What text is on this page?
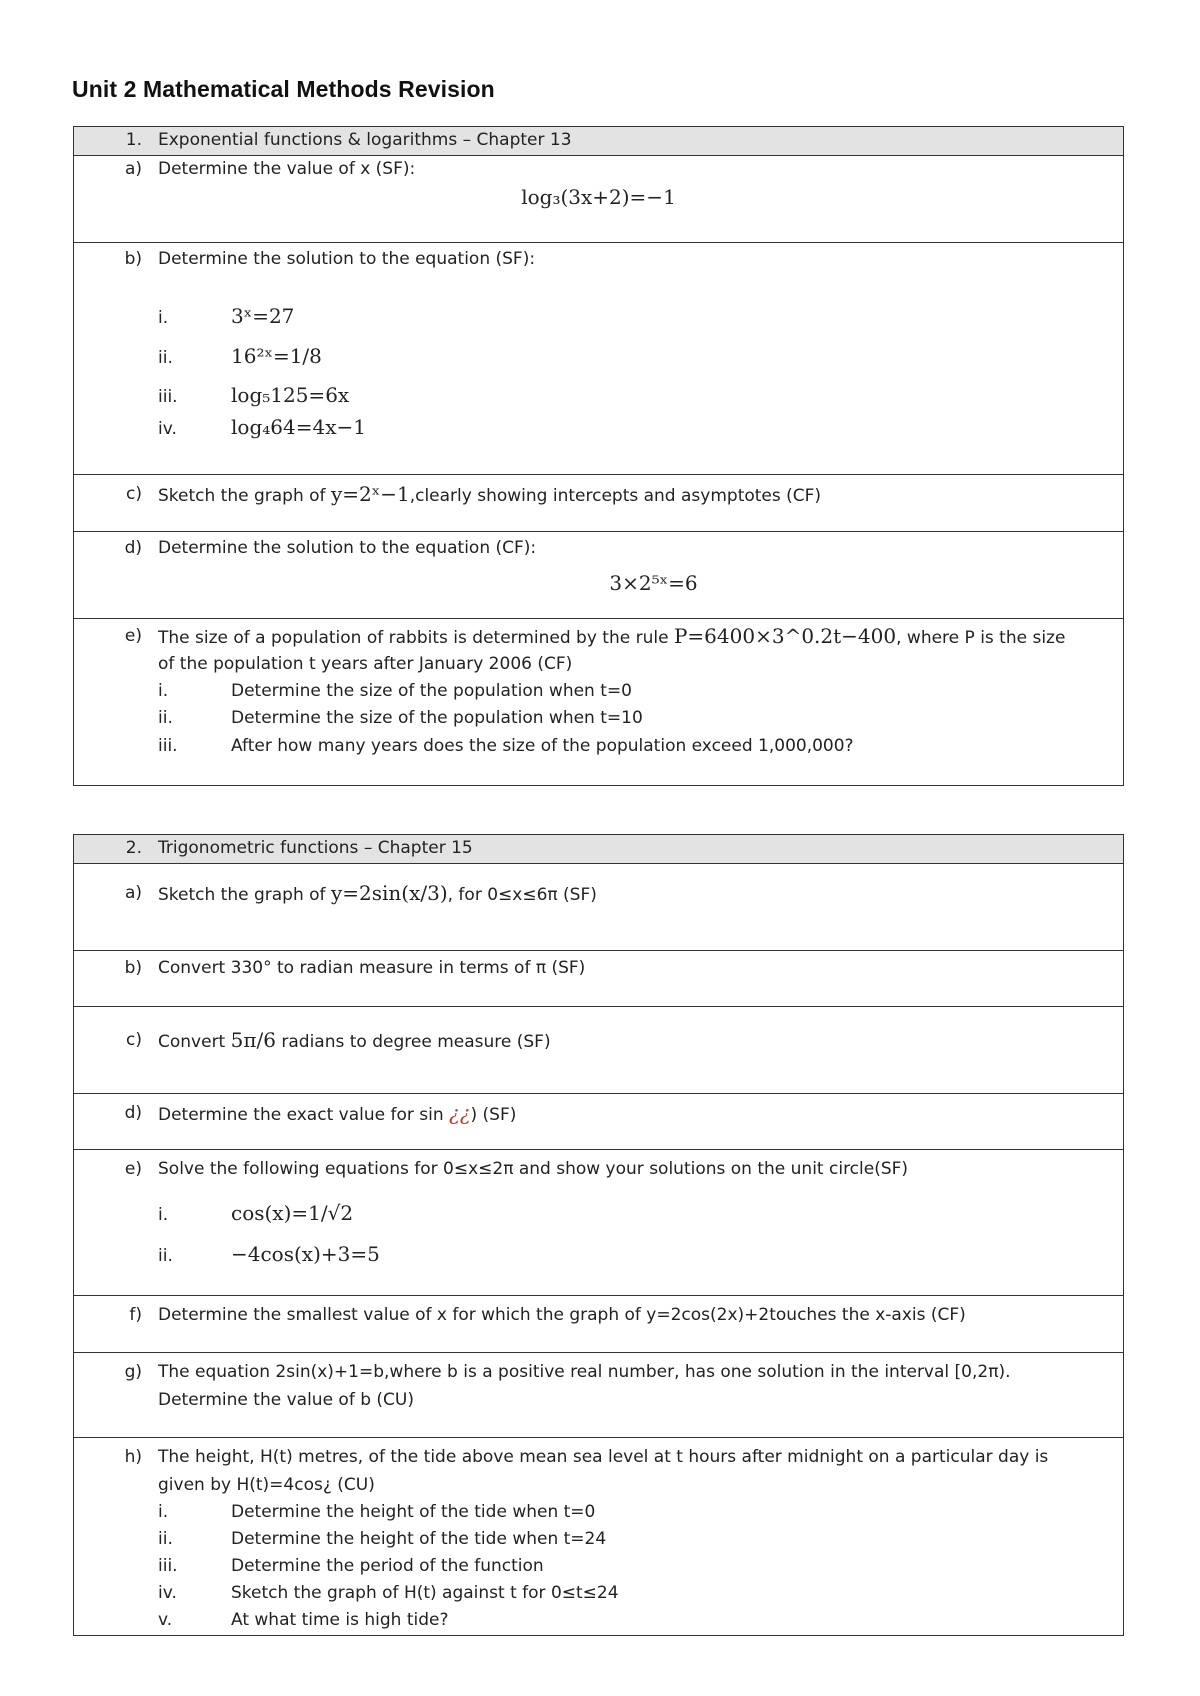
Unit 2 Mathematical Methods Revision
1. Exponential functions & logarithms – Chapter 13

a) Determine the value of x (SF):
log₃(3x+2)=−1

b) Determine the solution to the equation (SF):
i.	3ˣ=27
ii.	16²ˣ=1/8
iii.	log₅125=6x
iv.	log₄64=4x−1

c) Sketch the graph of y=2ˣ−1,clearly showing intercepts and asymptotes (CF)

d) Determine the solution to the equation (CF):
3×2⁵ˣ=6

e) The size of a population of rabbits is determined by the rule P=6400×3^0.2t−400, where P is the size
of the population t years after January 2006 (CF)
i.	Determine the size of the population when t=0
ii.	Determine the size of the population when t=10
iii.	After how many years does the size of the population exceed 1,000,000?
2. Trigonometric functions – Chapter 15

a) Sketch the graph of y=2sin(x/3), for 0≤x≤6π (SF)

b) Convert 330° to radian measure in terms of π (SF)

c) Convert 5π/6 radians to degree measure (SF)

d) Determine the exact value for sin ¿¿) (SF)

e) Solve the following equations for 0≤x≤2π and show your solutions on the unit circle(SF)
i.	cos(x)=1/√2
ii.	−4cos(x)+3=5

f) Determine the smallest value of x for which the graph of y=2cos(2x)+2touches the x-axis (CF)

g) The equation 2sin(x)+1=b,where b is a positive real number, has one solution in the interval [0,2π).
Determine the value of b (CU)

h) The height, H(t) metres, of the tide above mean sea level at t hours after midnight on a particular day is
given by H(t)=4cos¿ (CU)
i.	Determine the height of the tide when t=0
ii.	Determine the height of the tide when t=24
iii.	Determine the period of the function
iv.	Sketch the graph of H(t) against t for 0≤t≤24
v.	At what time is high tide?
